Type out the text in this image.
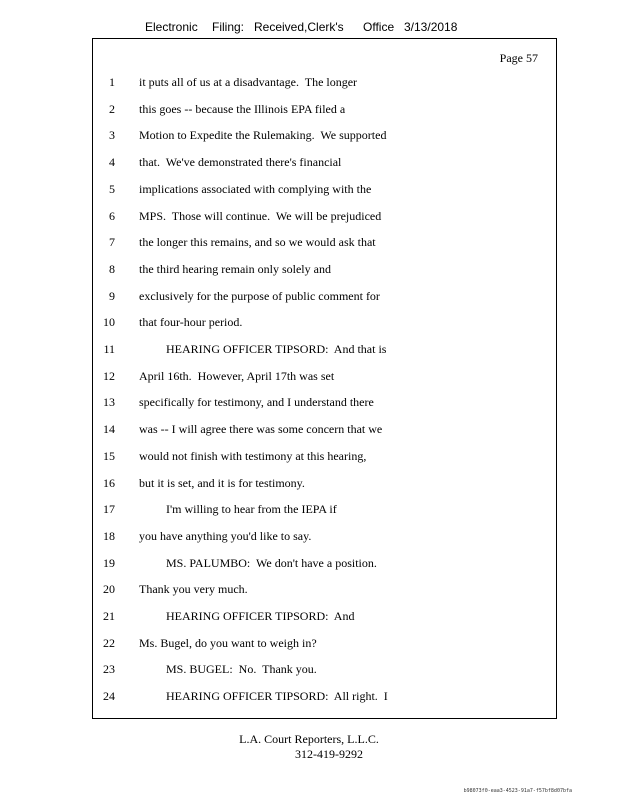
Electronic Filing: Received,Clerk's Office 3/13/2018
Page 57
1 it puts all of us at a disadvantage.  The longer
2 this goes -- because the Illinois EPA filed a
3 Motion to Expedite the Rulemaking.  We supported
4 that.  We've demonstrated there's financial
5 implications associated with complying with the
6 MPS.  Those will continue.  We will be prejudiced
7 the longer this remains, and so we would ask that
8 the third hearing remain only solely and
9 exclusively for the purpose of public comment for
10 that four-hour period.
11 HEARING OFFICER TIPSORD:  And that is
12 April 16th.  However, April 17th was set
13 specifically for testimony, and I understand there
14 was -- I will agree there was some concern that we
15 would not finish with testimony at this hearing,
16 but it is set, and it is for testimony.
17 I'm willing to hear from the IEPA if
18 you have anything you'd like to say.
19 MS. PALUMBO:  We don't have a position.
20 Thank you very much.
21 HEARING OFFICER TIPSORD:  And
22 Ms. Bugel, do you want to weigh in?
23 MS. BUGEL:  No.  Thank you.
24 HEARING OFFICER TIPSORD:  All right.  I
L.A. Court Reporters, L.L.C.
312-419-9292
b98073f0-eaa3-4523-91a7-f57bf8d07bfa
